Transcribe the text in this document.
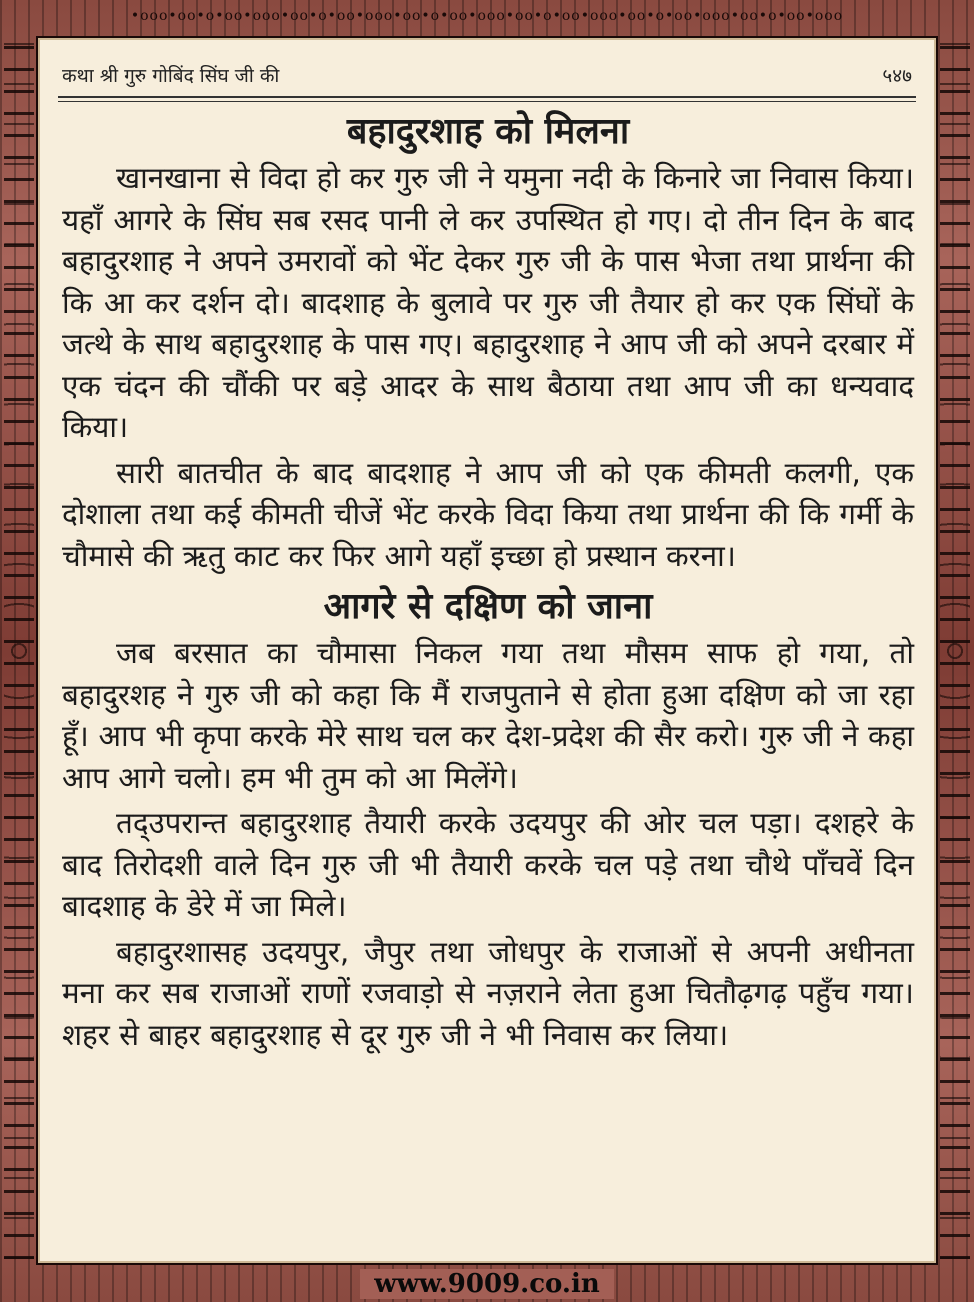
•ooo•oo•o•oo•ooo•oo•o•oo•ooo•oo•o•oo•ooo•oo•o•oo•ooo•oo•o•oo•ooo•oo•o•oo•ooo
कथा श्री गुरु गोबिंद सिंघ जी की	५४७
बहादुरशाह को मिलना

खानखाना से विदा हो कर गुरु जी ने यमुना नदी के किनारे जा निवास किया। यहाँ आगरे के सिंघ सब रसद पानी ले कर उपस्थित हो गए। दो तीन दिन के बाद बहादुरशाह ने अपने उमरावों को भेंट देकर गुरु जी के पास भेजा तथा प्रार्थना की कि आ कर दर्शन दो। बादशाह के बुलावे पर गुरु जी तैयार हो कर एक सिंघों के जत्थे के साथ बहादुरशाह के पास गए। बहादुरशाह ने आप जी को अपने दरबार में एक चंदन की चौंकी पर बड़े आदर के साथ बैठाया तथा आप जी का धन्यवाद किया।

सारी बातचीत के बाद बादशाह ने आप जी को एक कीमती कलगी, एक दोशाला तथा कई कीमती चीजें भेंट करके विदा किया तथा प्रार्थना की कि गर्मी के चौमासे की ऋतु काट कर फिर आगे यहाँ इच्छा हो प्रस्थान करना।

आगरे से दक्षिण को जाना

जब बरसात का चौमासा निकल गया तथा मौसम साफ हो गया, तो बहादुरशह ने गुरु जी को कहा कि मैं राजपुताने से होता हुआ दक्षिण को जा रहा हूँ। आप भी कृपा करके मेरे साथ चल कर देश-प्रदेश की सैर करो। गुरु जी ने कहा आप आगे चलो। हम भी तुम को आ मिलेंगे।

तद्उपरान्त बहादुरशाह तैयारी करके उदयपुर की ओर चल पड़ा। दशहरे के बाद तिरोदशी वाले दिन गुरु जी भी तैयारी करके चल पड़े तथा चौथे पाँचवें दिन बादशाह के डेरे में जा मिले।

बहादुरशासह उदयपुर, जैपुर तथा जोधपुर के राजाओं से अपनी अधीनता मना कर सब राजाओं राणों रजवाड़ो से नज़राने लेता हुआ चितौढ़गढ़ पहुँच गया। शहर से बाहर बहादुरशाह से दूर गुरु जी ने भी निवास कर लिया।

www.9009.co.in
